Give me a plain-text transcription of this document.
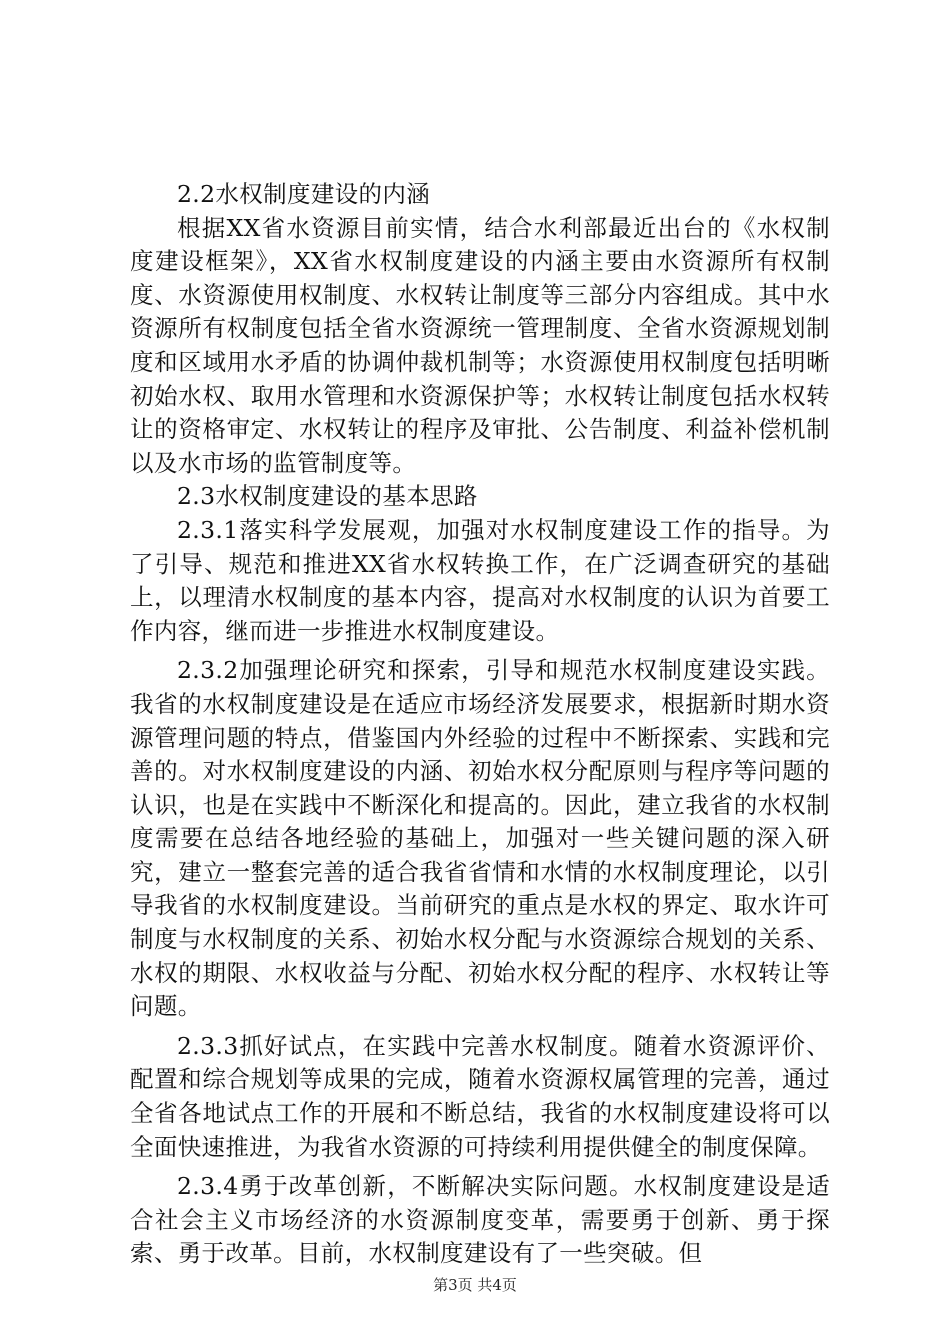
2.2水权制度建设的内涵

根据XX省水资源目前实情，结合水利部最近出台的《水权制度建设框架》，XX省水权制度建设的内涵主要由水资源所有权制度、水资源使用权制度、水权转让制度等三部分内容组成。其中水资源所有权制度包括全省水资源统一管理制度、全省水资源规划制度和区域用水矛盾的协调仲裁机制等；水资源使用权制度包括明晰初始水权、取用水管理和水资源保护等；水权转让制度包括水权转让的资格审定、水权转让的程序及审批、公告制度、利益补偿机制以及水市场的监管制度等。

2.3水权制度建设的基本思路

2.3.1落实科学发展观，加强对水权制度建设工作的指导。为了引导、规范和推进XX省水权转换工作，在广泛调查研究的基础上，以理清水权制度的基本内容，提高对水权制度的认识为首要工作内容，继而进一步推进水权制度建设。

2.3.2加强理论研究和探索，引导和规范水权制度建设实践。我省的水权制度建设是在适应市场经济发展要求，根据新时期水资源管理问题的特点，借鉴国内外经验的过程中不断探索、实践和完善的。对水权制度建设的内涵、初始水权分配原则与程序等问题的认识，也是在实践中不断深化和提高的。因此，建立我省的水权制度需要在总结各地经验的基础上，加强对一些关键问题的深入研究，建立一整套完善的适合我省省情和水情的水权制度理论，以引导我省的水权制度建设。当前研究的重点是水权的界定、取水许可制度与水权制度的关系、初始水权分配与水资源综合规划的关系、水权的期限、水权收益与分配、初始水权分配的程序、水权转让等问题。

2.3.3抓好试点，在实践中完善水权制度。随着水资源评价、配置和综合规划等成果的完成，随着水资源权属管理的完善，通过全省各地试点工作的开展和不断总结，我省的水权制度建设将可以全面快速推进，为我省水资源的可持续利用提供健全的制度保障。

2.3.4勇于改革创新，不断解决实际问题。水权制度建设是适合社会主义市场经济的水资源制度变革，需要勇于创新、勇于探索、勇于改革。目前，水权制度建设有了一些突破。但

第3页 共4页
